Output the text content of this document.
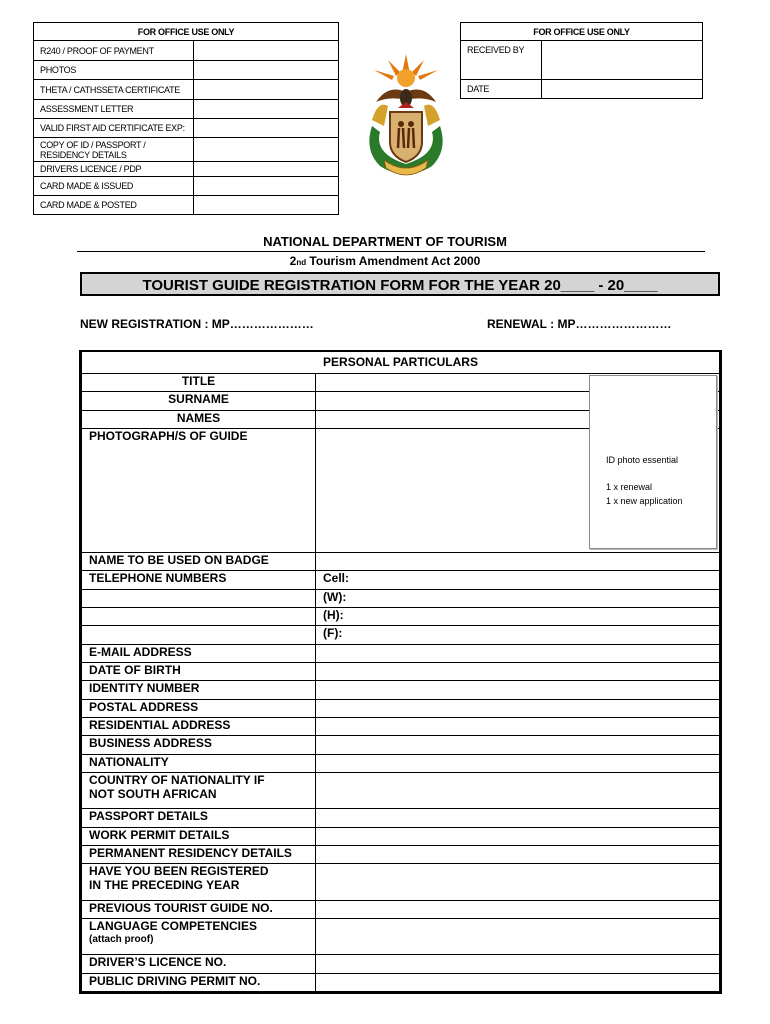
FOR OFFICE USE ONLY	
R240 / PROOF OF PAYMENT	
PHOTOS	
THETA / CATHSSETA CERTIFICATE	
ASSESSMENT LETTER	
VALID FIRST AID CERTIFICATE EXP:	
COPY OF ID / PASSPORT / RESIDENCY DETAILS	
DRIVERS LICENCE / PDP	
CARD MADE & ISSUED	
CARD MADE & POSTED	
FOR OFFICE USE ONLY	
RECEIVED BY	
DATE	
NATIONAL DEPARTMENT OF TOURISM
2nd Tourism Amendment Act 2000
TOURIST GUIDE REGISTRATION FORM FOR THE YEAR 20____ - 20____
NEW REGISTRATION : MP…………………	RENEWAL : MP……………………
PERSONAL PARTICULARS	
TITLE	
SURNAME	
NAMES	
PHOTOGRAPH/S OF GUIDE	
NAME TO BE USED ON BADGE	
TELEPHONE NUMBERS	Cell:
	(W):
	(H):
	(F):
E-MAIL ADDRESS	
DATE OF BIRTH	
IDENTITY NUMBER	
POSTAL ADDRESS	
RESIDENTIAL ADDRESS	
BUSINESS ADDRESS	
NATIONALITY	

COUNTRY OF NATIONALITY IF
NOT SOUTH AFRICAN	

PASSPORT DETAILS	
WORK PERMIT DETAILS	
PERMANENT RESIDENCY DETAILS	

HAVE YOU BEEN REGISTERED
IN THE PRECEDING YEAR	

PREVIOUS TOURIST GUIDE NO.	

LANGUAGE COMPETENCIES
(attach proof)	

DRIVER’S LICENCE NO.	
PUBLIC DRIVING PERMIT NO.	
ID photo essential
1 x renewal
1 x new application
